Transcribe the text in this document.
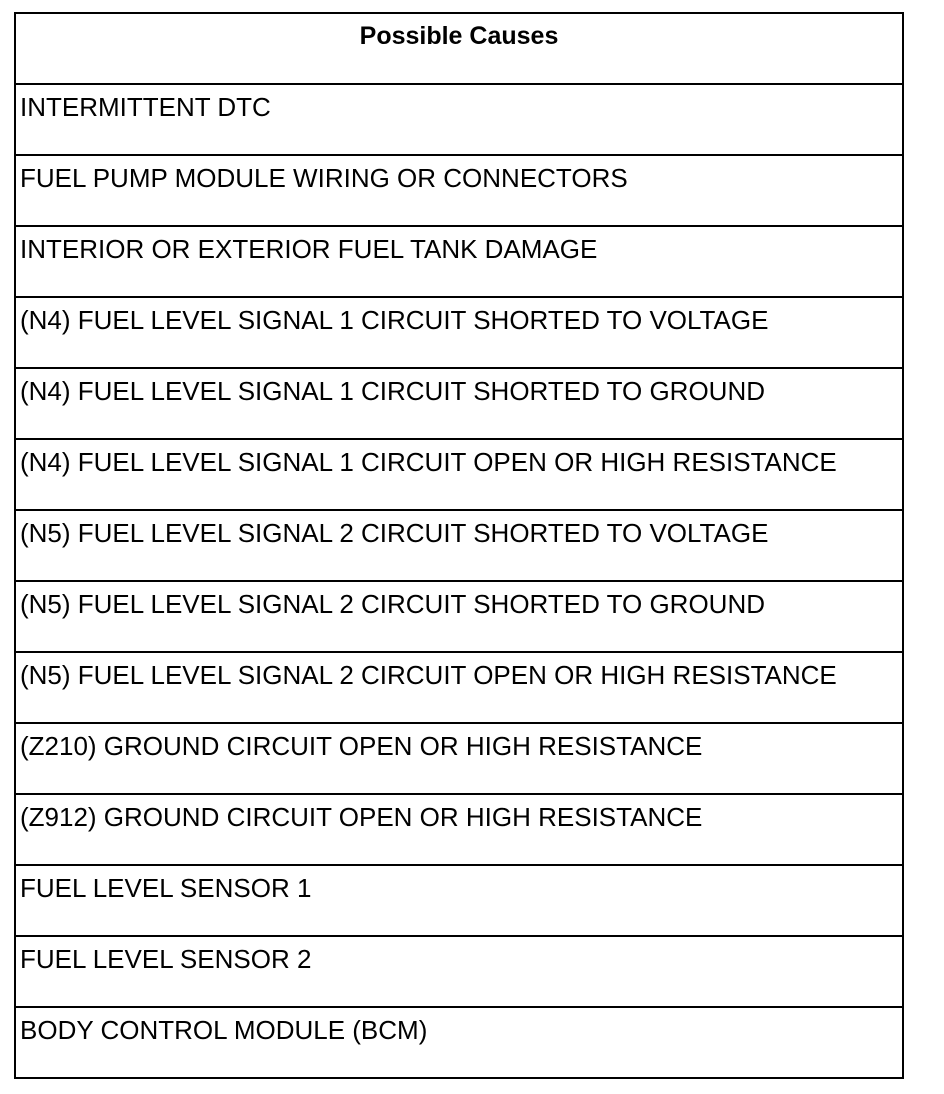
Possible Causes
INTERMITTENT DTC
FUEL PUMP MODULE WIRING OR CONNECTORS
INTERIOR OR EXTERIOR FUEL TANK DAMAGE
(N4) FUEL LEVEL SIGNAL 1 CIRCUIT SHORTED TO VOLTAGE
(N4) FUEL LEVEL SIGNAL 1 CIRCUIT SHORTED TO GROUND
(N4) FUEL LEVEL SIGNAL 1 CIRCUIT OPEN OR HIGH RESISTANCE
(N5) FUEL LEVEL SIGNAL 2 CIRCUIT SHORTED TO VOLTAGE
(N5) FUEL LEVEL SIGNAL 2 CIRCUIT SHORTED TO GROUND
(N5) FUEL LEVEL SIGNAL 2 CIRCUIT OPEN OR HIGH RESISTANCE
(Z210) GROUND CIRCUIT OPEN OR HIGH RESISTANCE
(Z912) GROUND CIRCUIT OPEN OR HIGH RESISTANCE
FUEL LEVEL SENSOR 1
FUEL LEVEL SENSOR 2
BODY CONTROL MODULE (BCM)
